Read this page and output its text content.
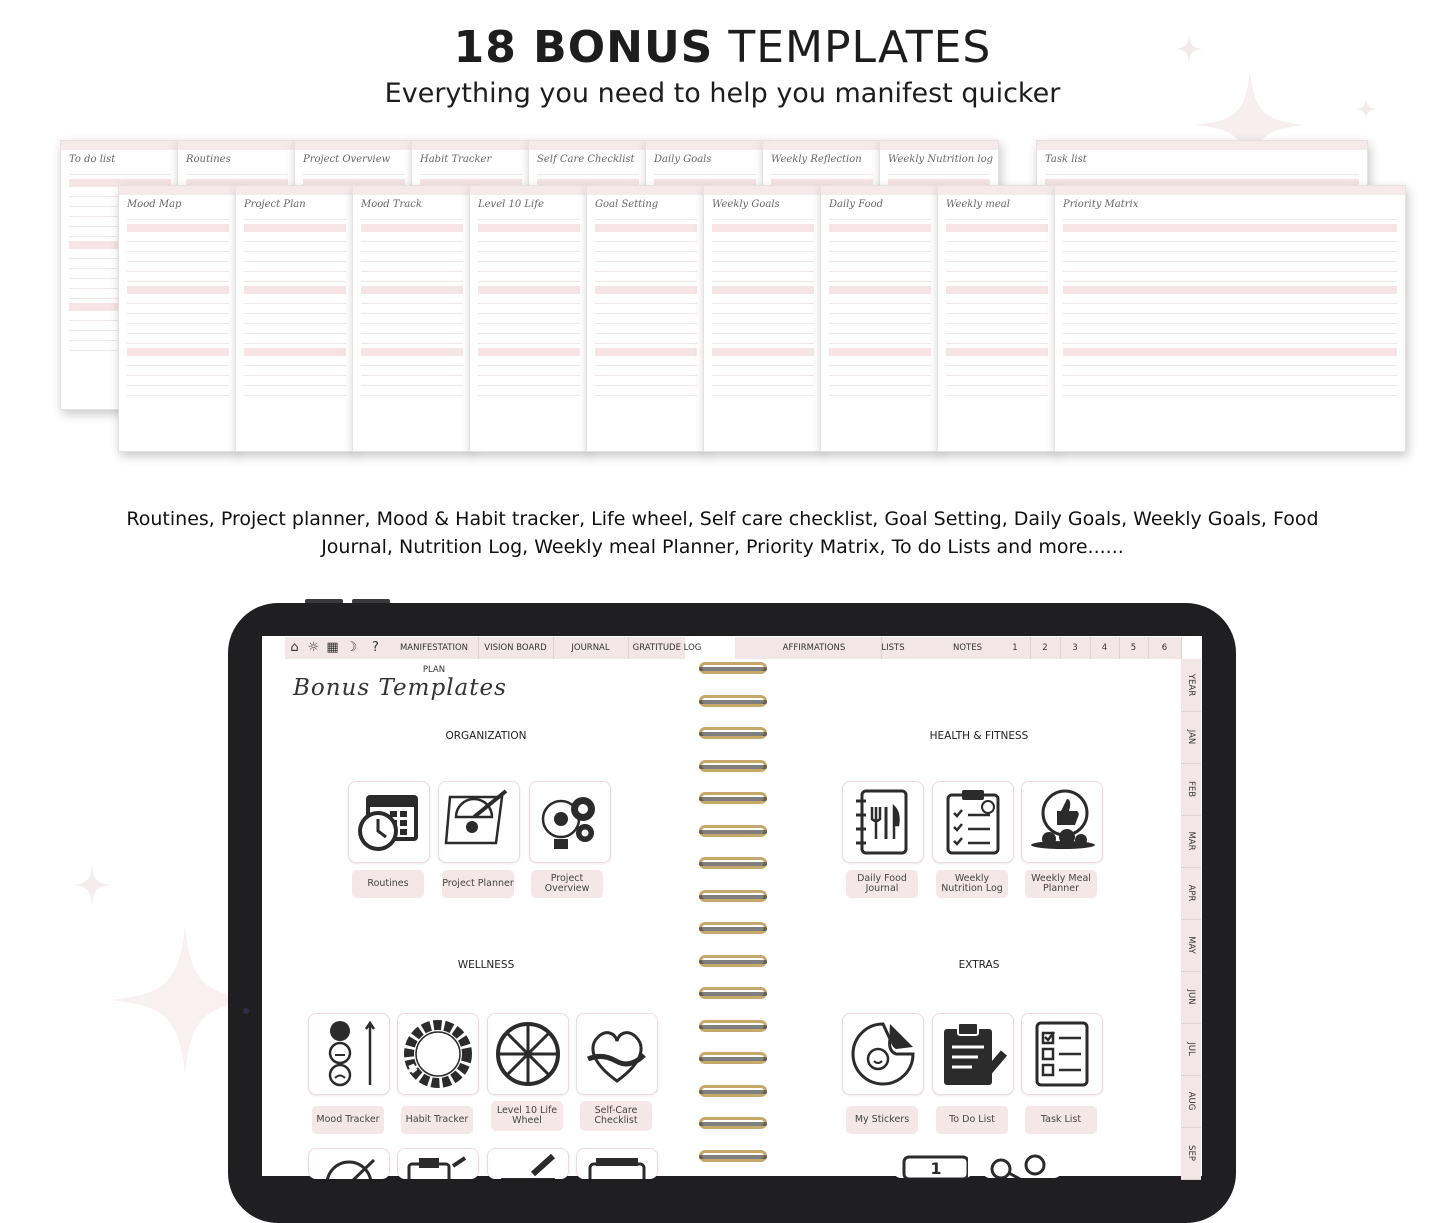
18 BONUS TEMPLATES
Everything you need to help you manifest quicker
To do list	Routines	Project Overview	Habit Tracker	Self Care Checklist	Daily Goals	Weekly Reflection	Weekly Nutrition log	Task list
Mood Map	Project Plan	Mood Track	Level 10 Life	Goal Setting	Weekly Goals	Daily Food	Weekly meal	Priority Matrix
Routines, Project planner, Mood & Habit tracker, Life wheel, Self care checklist, Goal Setting, Daily Goals, Weekly Goals, Food Journal, Nutrition Log, Weekly meal Planner, Priority Matrix, To do Lists and more......
⌂ ☼ ▦ ☽ ?	MANIFESTATION PLAN
VISION BOARD	JOURNAL	GRATITUDE LOG	AFFIRMATIONS	LISTS	NOTES	1	2	3	4	5	6
YEAR
JAN
FEB
MAR
APR
MAY
JUN
JUL
AUG
SEP
Bonus Templates
ORGANIZATION	HEALTH & FITNESS
WELLNESS	EXTRAS
Routines	Project Planner	Project Overview
Daily Food Journal
Weekly Nutrition Log
Weekly Meal Planner
Mood Tracker	Habit Tracker
Level 10 Life Wheel
Self-Care Checklist	My Stickers	To Do List	Task List
1
